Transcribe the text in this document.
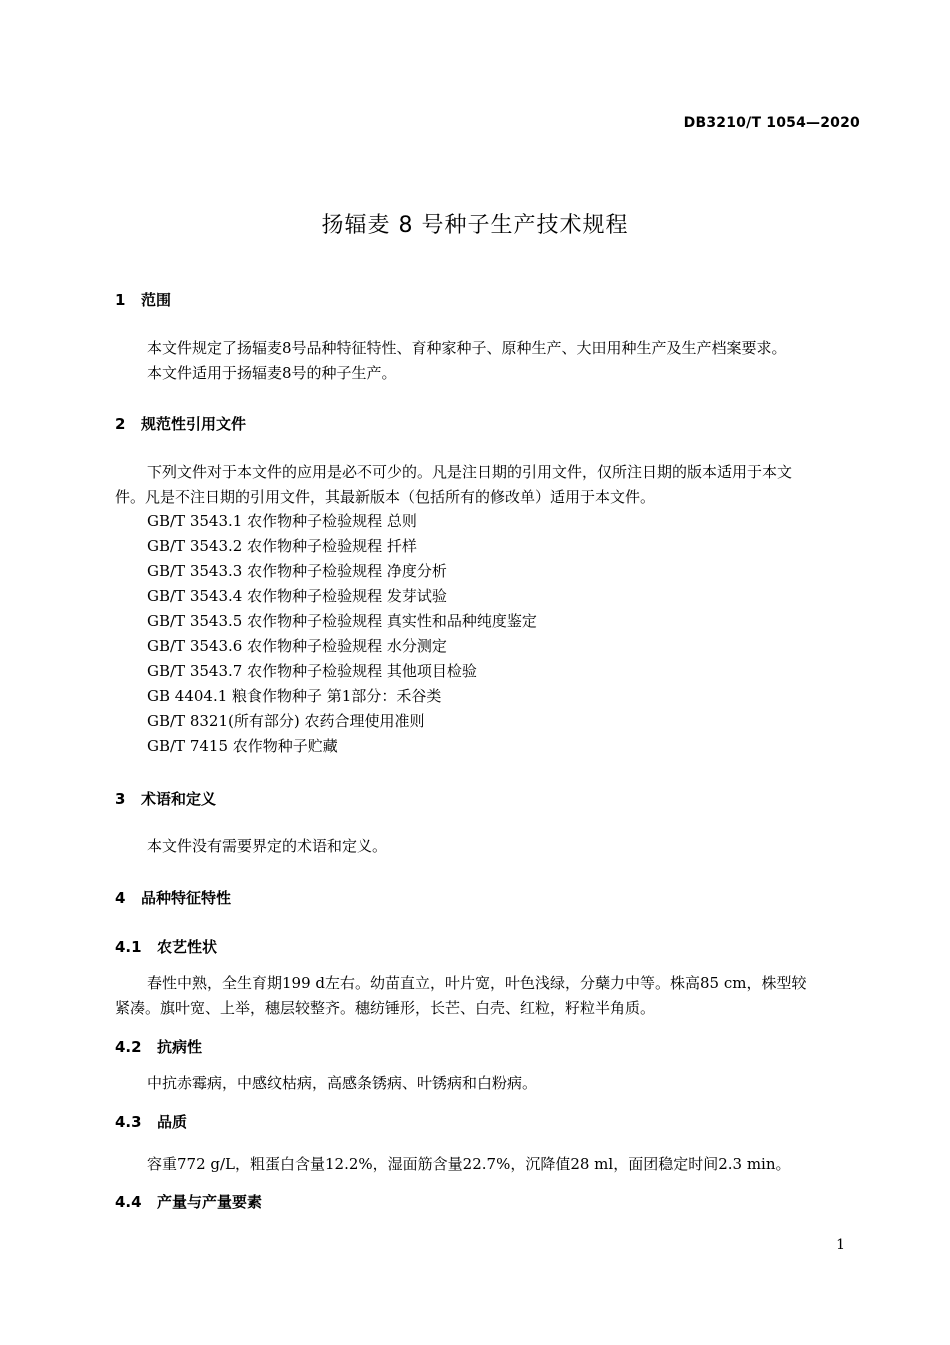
DB3210/T 1054—2020
扬辐麦 8 号种子生产技术规程
1 范围
本文件规定了扬辐麦8号品种特征特性、育种家种子、原种生产、大田用种生产及生产档案要求。
本文件适用于扬辐麦8号的种子生产。
2 规范性引用文件
下列文件对于本文件的应用是必不可少的。凡是注日期的引用文件，仅所注日期的版本适用于本文
件。凡是不注日期的引用文件，其最新版本（包括所有的修改单）适用于本文件。
GB/T 3543.1 农作物种子检验规程 总则
GB/T 3543.2 农作物种子检验规程 扦样
GB/T 3543.3 农作物种子检验规程 净度分析
GB/T 3543.4 农作物种子检验规程 发芽试验
GB/T 3543.5 农作物种子检验规程 真实性和品种纯度鉴定
GB/T 3543.6 农作物种子检验规程 水分测定
GB/T 3543.7 农作物种子检验规程 其他项目检验
GB 4404.1 粮食作物种子 第1部分：禾谷类
GB/T 8321(所有部分) 农药合理使用准则
GB/T 7415 农作物种子贮藏
3 术语和定义
本文件没有需要界定的术语和定义。
4 品种特征特性
4.1 农艺性状
春性中熟，全生育期199 d左右。幼苗直立，叶片宽，叶色浅绿，分蘖力中等。株高85 cm，株型较
紧凑。旗叶宽、上举，穗层较整齐。穗纺锤形，长芒、白壳、红粒，籽粒半角质。
4.2 抗病性
中抗赤霉病，中感纹枯病，高感条锈病、叶锈病和白粉病。
4.3 品质
容重772 g/L，粗蛋白含量12.2%，湿面筋含量22.7%，沉降值28 ml，面团稳定时间2.3 min。
4.4 产量与产量要素
1
